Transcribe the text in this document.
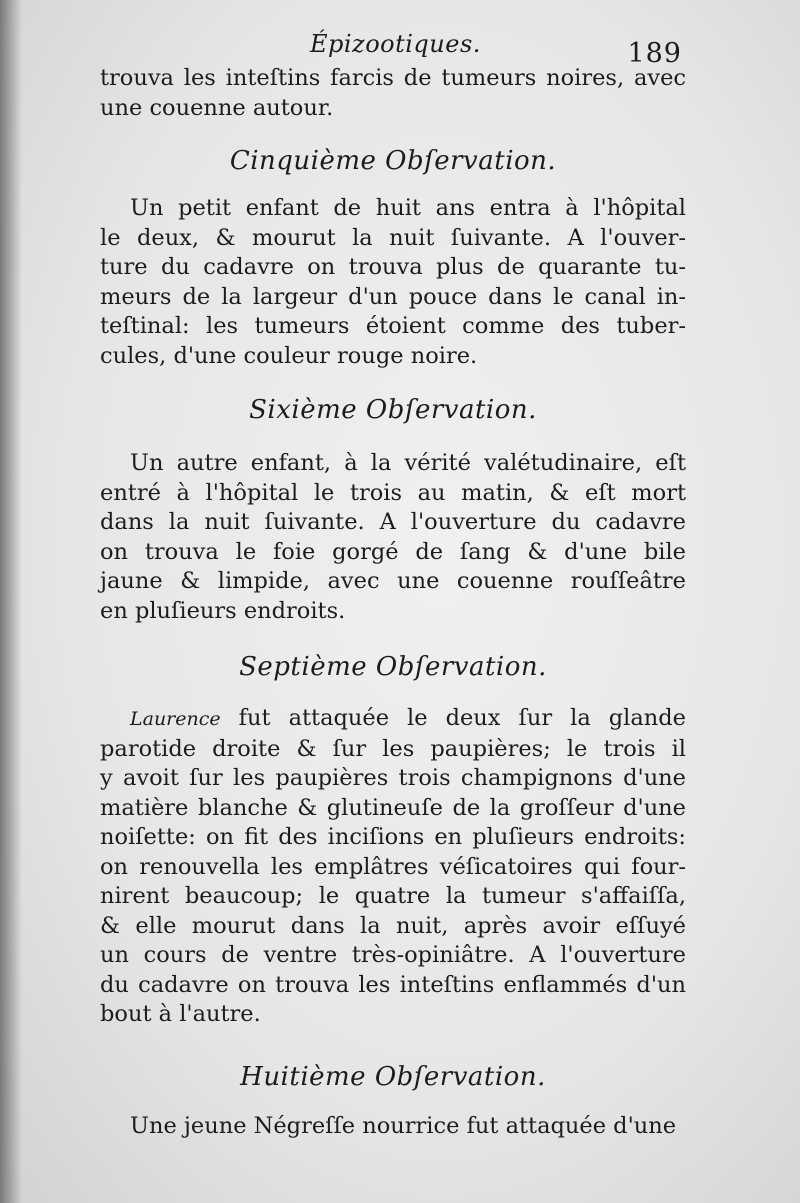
Épizootiques.	189
trouva les inteſtins farcis de tumeurs noires, avec
une couenne autour.
Cinquième Obſervation.
Un petit enfant de huit ans entra à l'hôpital
le deux, & mourut la nuit ſuivante. A l'ouver-
ture du cadavre on trouva plus de quarante tu-
meurs de la largeur d'un pouce dans le canal in-
teſtinal: les tumeurs étoient comme des tuber-
cules, d'une couleur rouge noire.
Sixième Obſervation.
Un autre enfant, à la vérité valétudinaire, eſt
entré à l'hôpital le trois au matin, & eſt mort
dans la nuit ſuivante. A l'ouverture du cadavre
on trouva le foie gorgé de ſang & d'une bile
jaune & limpide, avec une couenne rouſſeâtre
en pluſieurs endroits.
Septième Obſervation.
Laurence fut attaquée le deux ſur la glande
parotide droite & ſur les paupières; le trois il
y avoit ſur les paupières trois champignons d'une
matière blanche & glutineuſe de la groſſeur d'une
noiſette: on fit des inciſions en pluſieurs endroits:
on renouvella les emplâtres véſicatoires qui four-
nirent beaucoup; le quatre la tumeur s'affaiſſa,
& elle mourut dans la nuit, après avoir eſſuyé
un cours de ventre très-opiniâtre. A l'ouverture
du cadavre on trouva les inteſtins enflammés d'un
bout à l'autre.
Huitième Obſervation.
Une jeune Négreſſe nourrice fut attaquée d'une
